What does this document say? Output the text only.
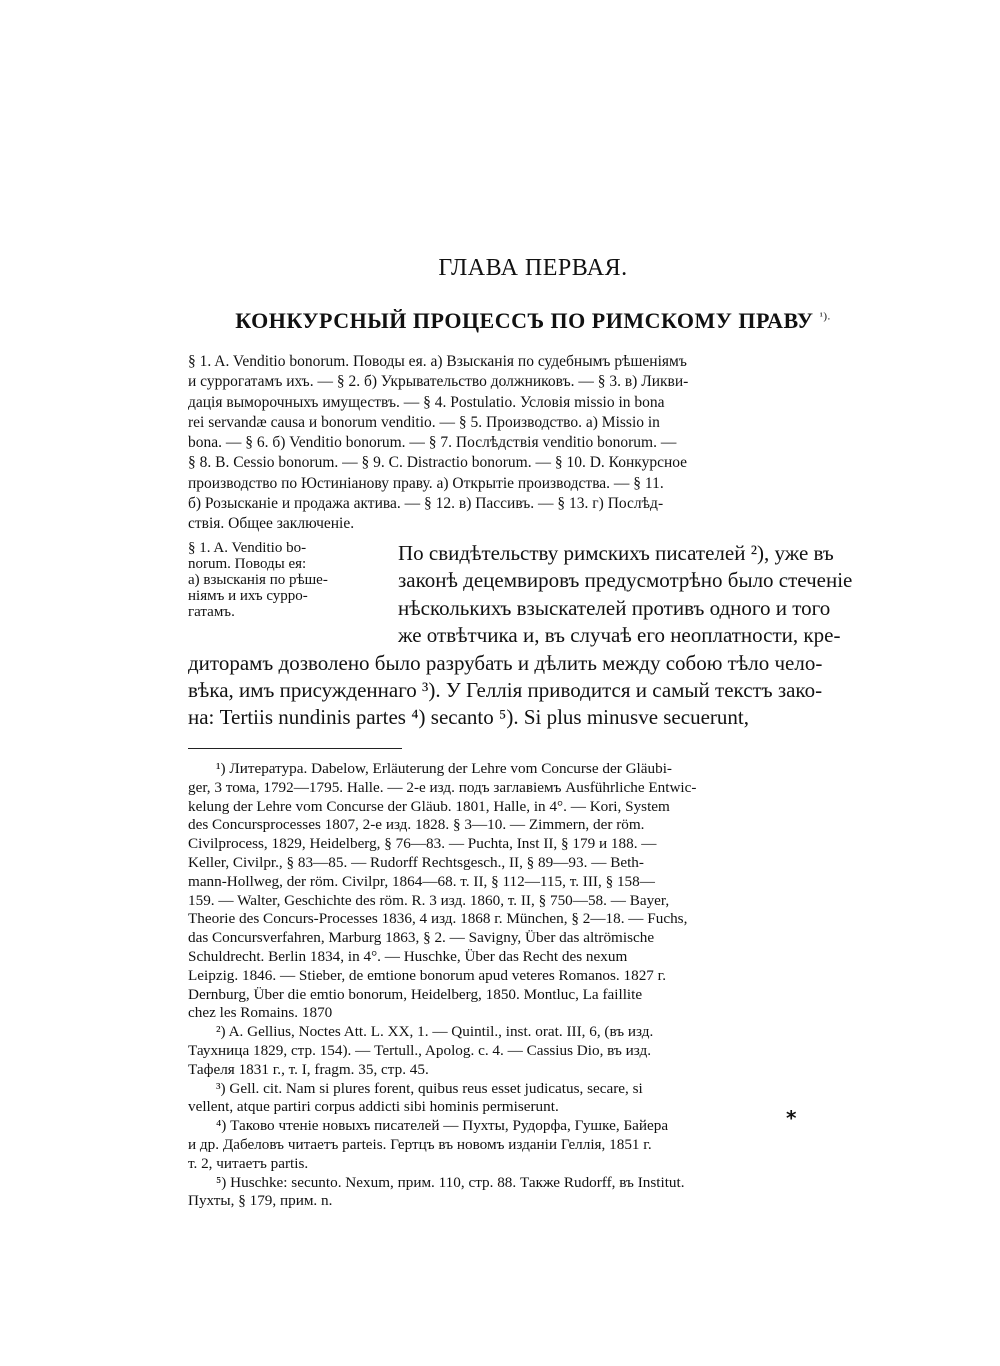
ГЛАВА ПЕРВАЯ.
КОНКУРСНЫЙ ПРОЦЕССЪ ПО РИМСКОМУ ПРАВУ $^{^1).}$
§ 1. A. Venditio bonorum. Поводы ея. а) Взысканія по судебнымъ рѣшеніямъ
и суррогатамъ ихъ. — § 2. б) Укрывательство должниковъ. — § 3. в) Ликви-
дація выморочныхъ имуществъ. — § 4. Postulatio. Условія missio in bona
rei servandæ causa и bonorum venditio. — § 5. Производство. а) Missio in
bona. — § 6. б) Venditio bonorum. — § 7. Послѣдствія venditio bonorum. —
§ 8. B. Cessio bonorum. — § 9. C. Distractio bonorum. — § 10. D. Конкурсное
производство по Юстиніанову праву. а) Открытіе производства. — § 11.
б) Розысканіе и продажа актива. — § 12. в) Пассивъ. — § 13. г) Послѣд-
ствія. Общее заключеніе.
§ 1. A. Venditio bo-
norum. Поводы ея:
а) взысканія по рѣше-
ніямъ и ихъ сурро-
гатамъ.
По свидѣтельству римскихъ писателей ²), уже въ
законѣ децемвировъ предусмотрѣно было стеченіе
нѣсколькихъ взыскателей противъ одного и того
же отвѣтчика и, въ случаѣ его неоплатности, кре-
диторамъ дозволено было разрубать и дѣлить между собою тѣло чело-
вѣка, имъ присужденнаго ³). У Геллія приводится и самый текстъ зако-
на: Tertiis nundinis partes ⁴) secanto ⁵). Si plus minusve secuerunt,
¹) Литература. Dabelow, Erläuterung der Lehre vom Concurse der Gläubi-
ger, 3 тома, 1792—1795. Halle. — 2-е изд. подъ заглавіемъ Ausführliche Entwic-
kelung der Lehre vom Concurse der Gläub. 1801, Halle, in 4°. — Kori, System
des Concursprocesses 1807, 2-е изд. 1828. § 3—10. — Zimmern, der röm.
Civilprocess, 1829, Heidelberg, § 76—83. — Puchta, Inst II, § 179 и 188. —
Keller, Civilpr., § 83—85. — Rudorff Rechtsgesch., II, § 89—93. — Beth-
mann-Hollweg, der röm. Civilpr, 1864—68. т. II, § 112—115, т. III, § 158—
159. — Walter, Geschichte des röm. R. 3 изд. 1860, т. II, § 750—58. — Bayer,
Theorie des Concurs-Processes 1836, 4 изд. 1868 г. München, § 2—18. — Fuchs,
das Concursverfahren, Marburg 1863, § 2. — Savigny, Über das altrömische
Schuldrecht. Berlin 1834, in 4°. — Huschke, Über das Recht des nexum
Leipzig. 1846. — Stieber, de emtione bonorum apud veteres Romanos. 1827 г.
Dernburg, Über die emtio bonorum, Heidelberg, 1850. Montluc, La faillite
chez les Romains. 1870
²) A. Gellius, Noctes Att. L. XX, 1. — Quintil., inst. orat. III, 6, (въ изд.
Таухница 1829, стр. 154). — Tertull., Apolog. c. 4. — Cassius Dio, въ изд.
Тафеля 1831 г., т. I, fragm. 35, стр. 45.
³) Gell. cit. Nam si plures forent, quibus reus esset judicatus, secare, si
vellent, atque partiri corpus addicti sibi hominis permiserunt.
⁴) Таково чтеніе новыхъ писателей — Пухты, Рудорфа, Гушке, Байера
и др. Дабеловъ читаетъ parteis. Гертцъ въ новомъ изданіи Геллія, 1851 г.
т. 2, читаетъ partis.
⁵) Huschke: secunto. Nexum, прим. 110, стр. 88. Также Rudorff, въ Institut.
Пухты, § 179, прим. n.
*
